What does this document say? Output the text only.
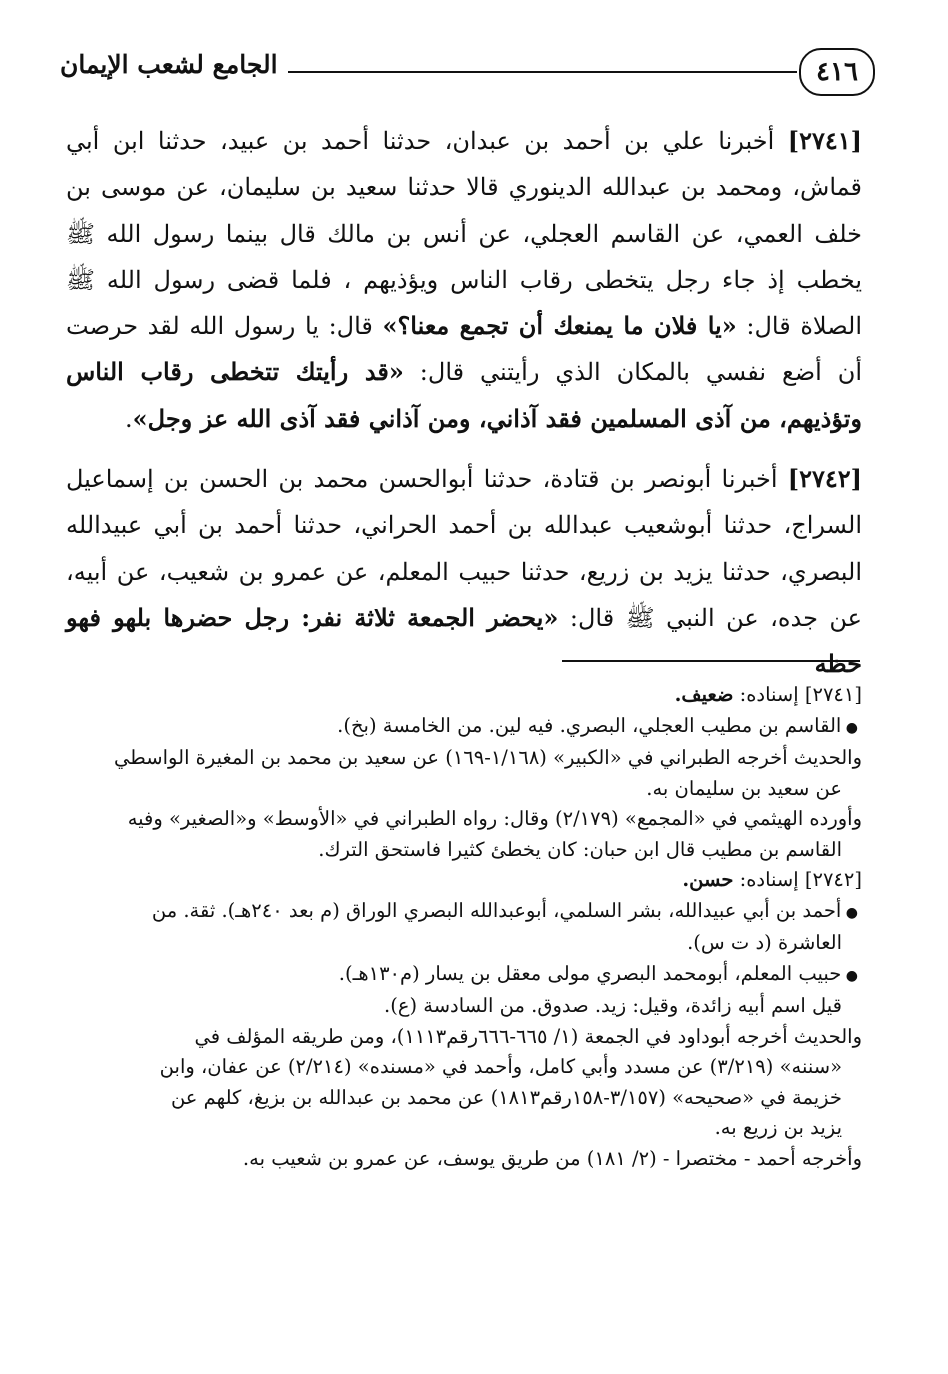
٤١٦
الجامع لشعب الإيمان

[٢٧٤١] أخبرنا علي بن أحمد بن عبدان، حدثنا أحمد بن عبيد، حدثنا ابن أبي قماش، ومحمد بن عبدالله الدينوري قالا حدثنا سعيد بن سليمان، عن موسى بن خلف العمي، عن القاسم العجلي، عن أنس بن مالك قال بينما رسول الله ﷺ يخطب إذ جاء رجل يتخطى رقاب الناس ويؤذيهم ، فلما قضى رسول الله ﷺ الصلاة قال: «يا فلان ما يمنعك أن تجمع معنا؟» قال: يا رسول الله لقد حرصت أن أضع نفسي بالمكان الذي رأيتني قال: «قد رأيتك تتخطى رقاب الناس وتؤذيهم، من آذى المسلمين فقد آذاني، ومن آذاني فقد آذى الله عز وجل».

[٢٧٤٢] أخبرنا أبونصر بن قتادة، حدثنا أبوالحسن محمد بن الحسن بن إسماعيل السراج، حدثنا أبوشعيب عبدالله بن أحمد الحراني، حدثنا أحمد بن أبي عبيدالله البصري، حدثنا يزيد بن زريع، حدثنا حبيب المعلم، عن عمرو بن شعيب، عن أبيه، عن جده، عن النبي ﷺ قال: «يحضر الجمعة ثلاثة نفر: رجل حضرها بلهو فهو حظه

[٢٧٤١] إسناده: ضعيف.

● القاسم بن مطيب العجلي، البصري. فيه لين. من الخامسة (بخ).

والحديث أخرجه الطبراني في «الكبير» (١/١٦٨-١٦٩) عن سعيد بن محمد بن المغيرة الواسطي

عن سعيد بن سليمان به.

وأورده الهيثمي في «المجمع» (٢/١٧٩) وقال: رواه الطبراني في «الأوسط» و«الصغير» وفيه

القاسم بن مطيب قال ابن حبان: كان يخطئ كثيرا فاستحق الترك.

[٢٧٤٢] إسناده: حسن.

● أحمد بن أبي عبيدالله، بشر السلمي، أبوعبدالله البصري الوراق (م بعد ٢٤٠هـ). ثقة. من

العاشرة (د ت س).

● حبيب المعلم، أبومحمد البصري مولى معقل بن يسار (م١٣٠هـ).

قيل اسم أبيه زائدة، وقيل: زيد. صدوق. من السادسة (ع).

والحديث أخرجه أبوداود في الجمعة (١/ ٦٦٥-٦٦٦رقم١١١٣)، ومن طريقه المؤلف في

«سننه» (٣/٢١٩) عن مسدد وأبي كامل، وأحمد في «مسنده» (٢/٢١٤) عن عفان، وابن

خزيمة في «صحيحه» (٣/١٥٧-١٥٨رقم١٨١٣) عن محمد بن عبدالله بن بزيغ، كلهم عن

يزيد بن زريع به.

وأخرجه أحمد - مختصرا - (٢/ ١٨١) من طريق يوسف، عن عمرو بن شعيب به.
